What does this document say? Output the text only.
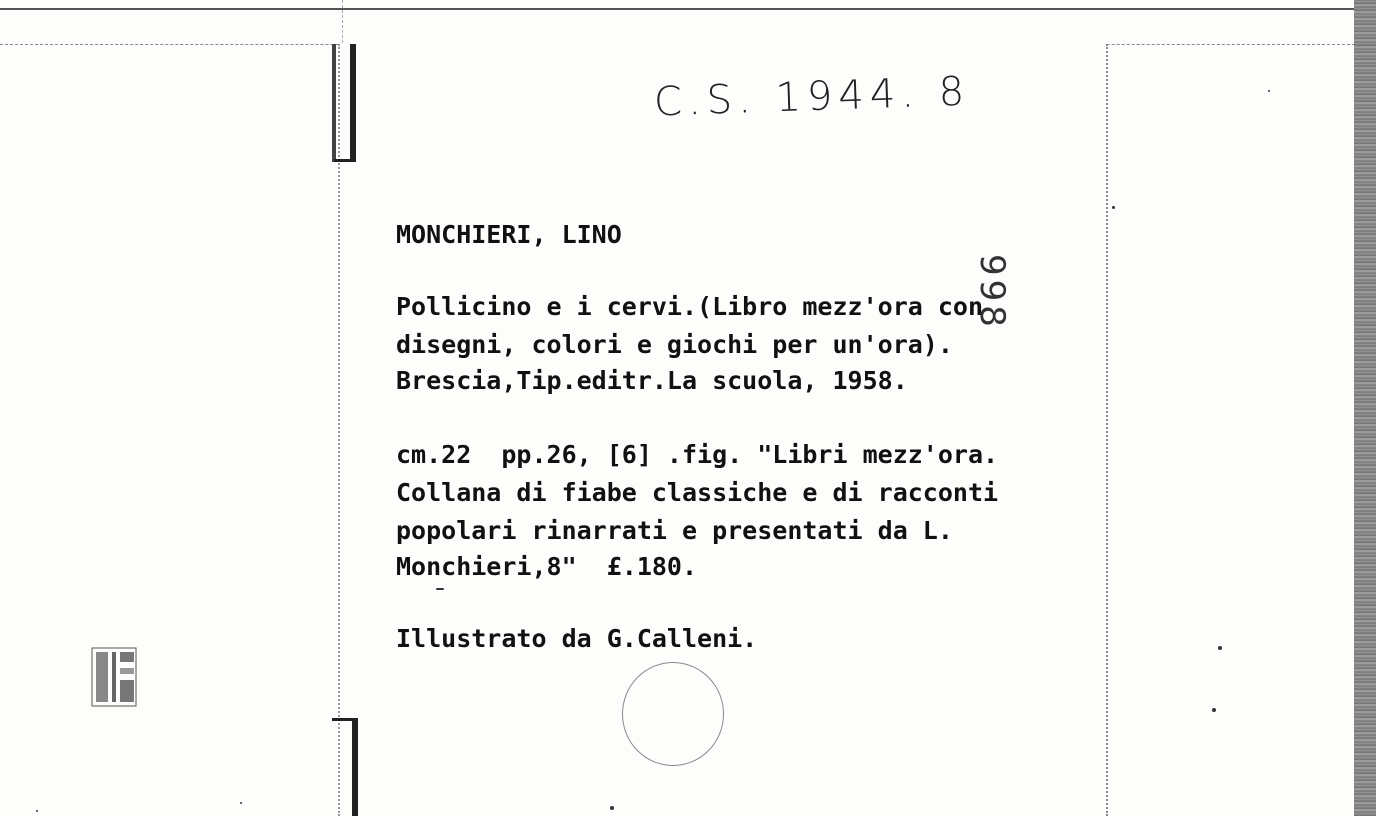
C.S. 1944. 8
998
MONCHIERI, LINO
Pollicino e i cervi.(Libro mezz'ora con
disegni, colori e giochi per un'ora).
Brescia,Tip.editr.La scuola, 1958.
cm.22  pp.26, [6] .fig. "Libri mezz'ora.
Collana di fiabe classiche e di racconti
popolari rinarrati e presentati da L.
Monchieri,8"  £.180.
Illustrato da G.Calleni.
